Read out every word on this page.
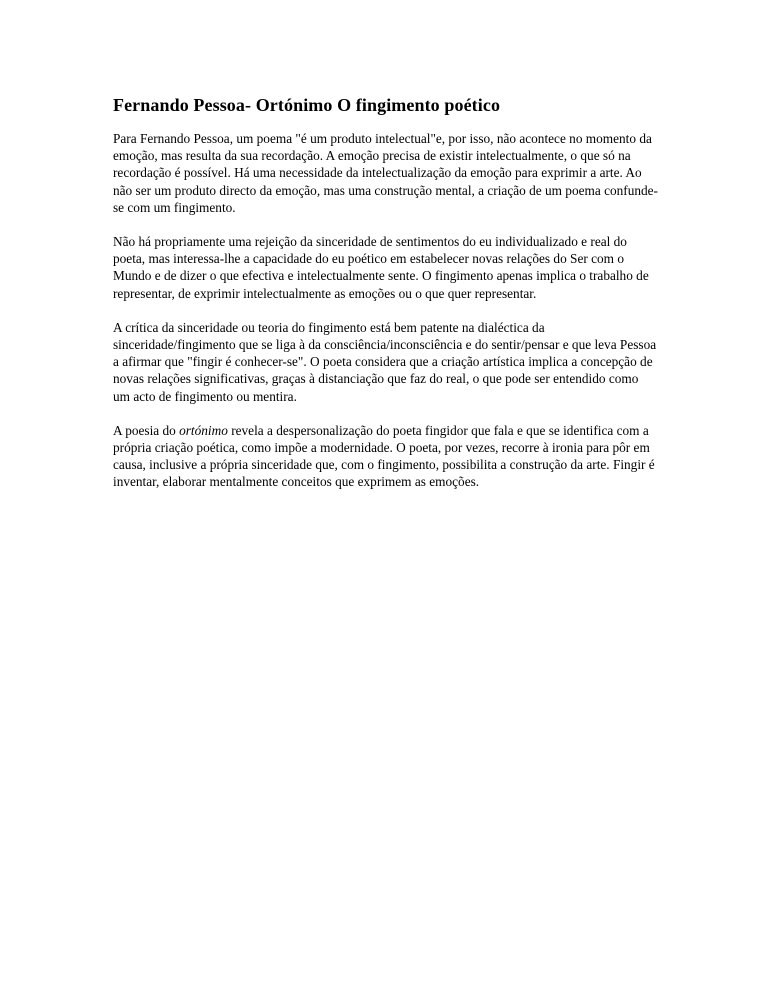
Fernando Pessoa- Ortónimo O fingimento poético

Para Fernando Pessoa, um poema "é um produto intelectual"e, por isso, não acontece no momento da emoção, mas resulta da sua recordação. A emoção precisa de existir intelectualmente, o que só na recordação é possível. Há uma necessidade da intelectualização da emoção para exprimir a arte. Ao não ser um produto directo da emoção, mas uma construção mental, a criação de um poema confunde-se com um fingimento.

Não há propriamente uma rejeição da sinceridade de sentimentos do eu individualizado e real do poeta, mas interessa-lhe a capacidade do eu poético em estabelecer novas relações do Ser com o Mundo e de dizer o que efectiva e intelectualmente sente. O fingimento apenas implica o trabalho de representar, de exprimir intelectualmente as emoções ou o que quer representar.

A crítica da sinceridade ou teoria do fingimento está bem patente na dialéctica da sinceridade/fingimento que se liga à da consciência/inconsciência e do sentir/pensar e que leva Pessoa a afirmar que "fingir é conhecer-se". O poeta considera que a criação artística implica a concepção de novas relações significativas, graças à distanciação que faz do real, o que pode ser entendido como um acto de fingimento ou mentira.

A poesia do ortónimo revela a despersonalização do poeta fingidor que fala e que se identifica com a própria criação poética, como impõe a modernidade. O poeta, por vezes, recorre à ironia para pôr em causa, inclusive a própria sinceridade que, com o fingimento, possibilita a construção da arte. Fingir é inventar, elaborar mentalmente conceitos que exprimem as emoções.
